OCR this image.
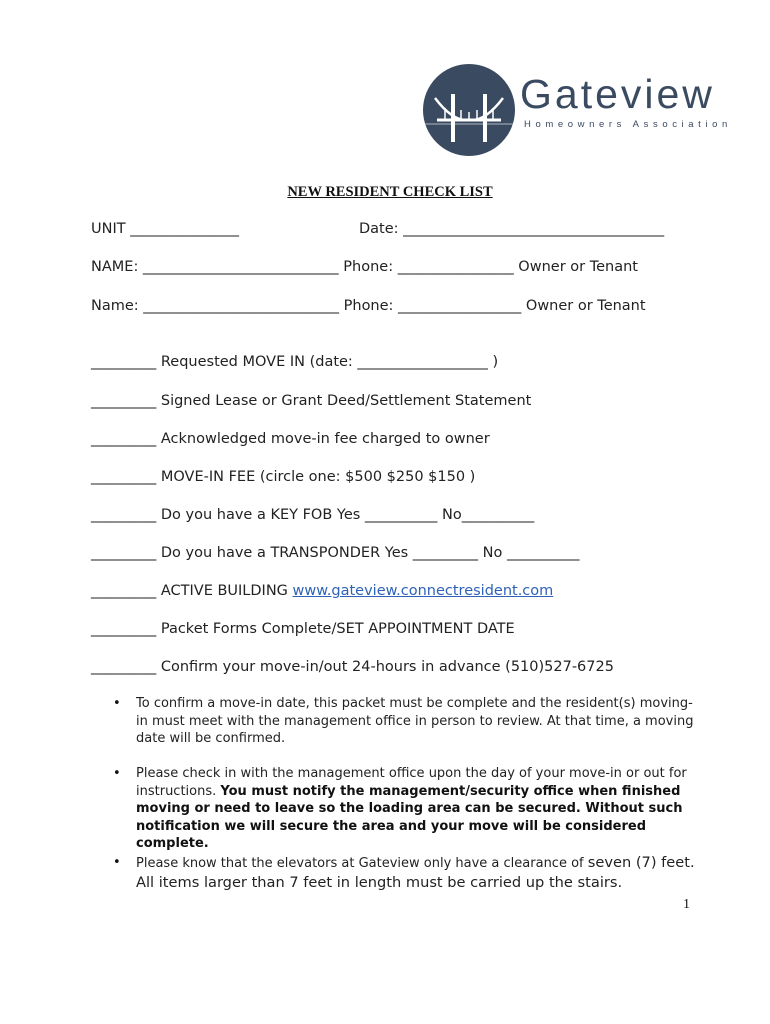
Gateview
Homeowners Association
NEW RESIDENT CHECK LIST
UNIT _______________	Date: ____________________________________
NAME: ___________________________ Phone: ________________ Owner or Tenant
Name: ___________________________ Phone: _________________ Owner or Tenant
_________ Requested MOVE IN (date: __________________ )
_________ Signed Lease or Grant Deed/Settlement Statement
_________ Acknowledged move-in fee charged to owner
_________ MOVE-IN FEE (circle one: $500 $250 $150 )
_________ Do you have a KEY FOB Yes __________ No__________
_________ Do you have a TRANSPONDER Yes _________ No __________
_________ ACTIVE BUILDING www.gateview.connectresident.com
_________ Packet Forms Complete/SET APPOINTMENT DATE
_________ Confirm your move-in/out 24-hours in advance (510)527-6725
• To confirm a move-in date, this packet must be complete and the resident(s) moving-in must meet with the management office in person to review. At that time, a moving date will be confirmed.
• Please check in with the management office upon the day of your move-in or out for instructions. You must notify the management/security office when finished moving or need to leave so the loading area can be secured. Without such notification we will secure the area and your move will be considered complete.
• Please know that the elevators at Gateview only have a clearance of seven (7) feet. All items larger than 7 feet in length must be carried up the stairs.
1
